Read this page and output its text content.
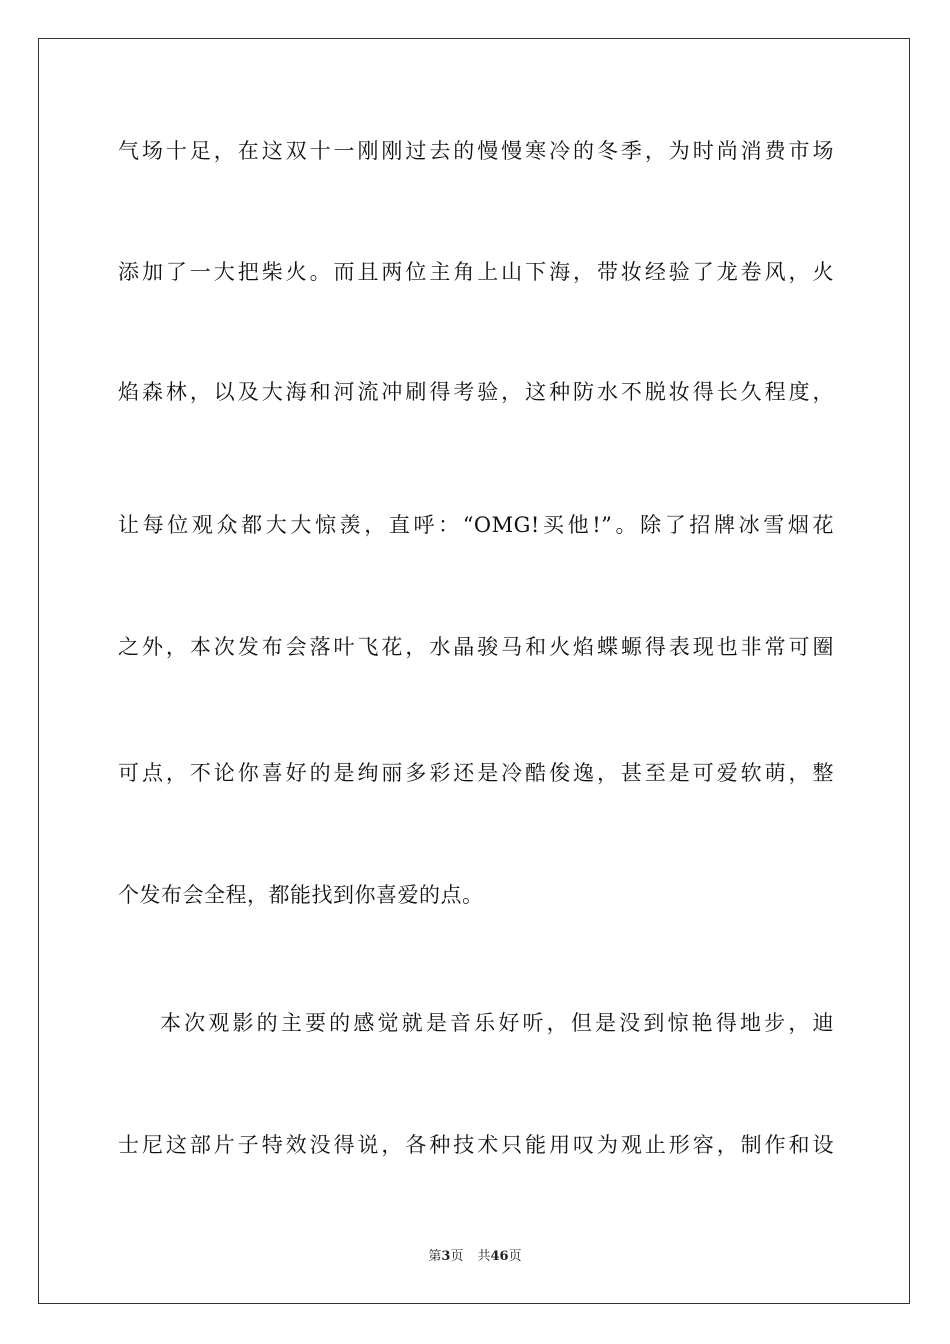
气场十足，在这双十一刚刚过去的慢慢寒冷的冬季，为时尚消费市场
添加了一大把柴火。而且两位主角上山下海，带妆经验了龙卷风，火
焰森林，以及大海和河流冲刷得考验，这种防水不脱妆得长久程度，
让每位观众都大大惊羡，直呼：“OMG!买他!”。除了招牌冰雪烟花
之外，本次发布会落叶飞花，水晶骏马和火焰蝶螈得表现也非常可圈
可点，不论你喜好的是绚丽多彩还是冷酷俊逸，甚至是可爱软萌，整
个发布会全程，都能找到你喜爱的点。
本次观影的主要的感觉就是音乐好听，但是没到惊艳得地步，迪
士尼这部片子特效没得说，各种技术只能用叹为观止形容，制作和设
第3页 共46页
